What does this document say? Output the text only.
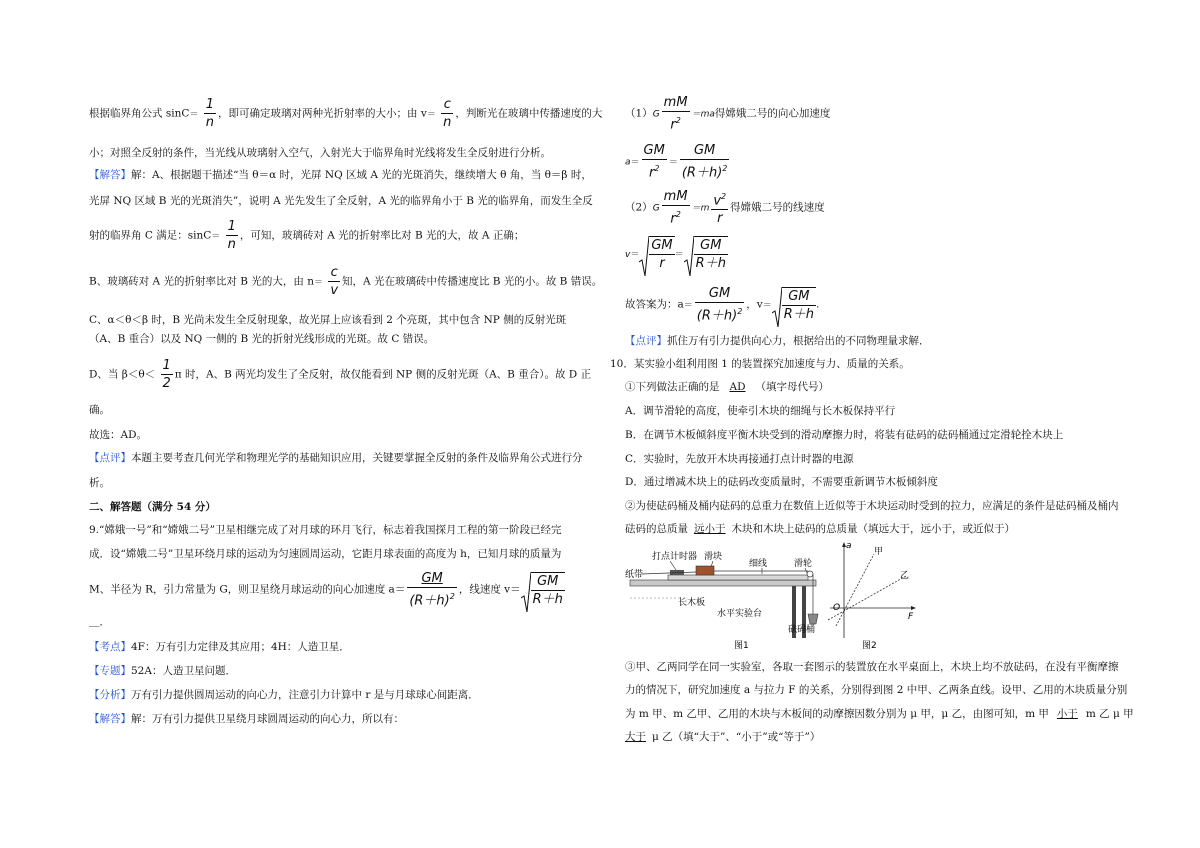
根据临界角公式 $\sin C= \frac{1}{n}$ ，即可确定玻璃对两种光折射率的大小；由 $v= \frac{c}{n}$ ，判断光在玻璃中传播速度的大
小；对照全反射的条件，当光线从玻璃射入空气，入射光大于临界角时光线将发生全反射进行分析。
【解答】解：A、根据题干描述“当 θ＝α 时，光屏 NQ 区域 A 光的光斑消失，继续增大 θ 角，当 θ＝β 时，
光屏 NQ 区域 B 光的光斑消失”，说明 A 光先发生了全反射，A 光的临界角小于 B 光的临界角，而发生全反
射的临界角 C 满足：$\sin C= \frac{1}{n}$ ，可知，玻璃砖对 A 光的折射率比对 B 光的大，故 A 正确；
B、玻璃砖对 A 光的折射率比对 B 光的大，由 $n= \frac{c}{v}$ 知，A 光在玻璃砖中传播速度比 B 光的小。故 B 错误。
C、α＜θ＜β 时，B 光尚未发生全反射现象，故光屏上应该看到 2 个亮斑，其中包含 NP 侧的反射光斑
（A、B 重合）以及 NQ 一侧的 B 光的折射光线形成的光斑。故 C 错误。
D、当 $\beta<\theta< \frac{1}{2}$ π 时，A、B 两光均发生了全反射，故仅能看到 NP 侧的反射光斑（A、B 重合）。故 D 正
确。
故选：AD。
【点评】本题主要考查几何光学和物理光学的基础知识应用，关键要掌握全反射的条件及临界角公式进行分
析。
二、解答题（满分 54 分）
9.“嫦娥一号”和“嫦娥二号”卫星相继完成了对月球的环月飞行，标志着我国探月工程的第一阶段已经完
成．设“嫦娥二号”卫星环绕月球的运动为匀速圆周运动，它距月球表面的高度为 h，已知月球的质量为
M、半径为 R，引力常量为 G，则卫星绕月球运动的向心加速度 $a= \frac{GM}{(R+h)^2}$ ，线速度 $v= \frac{GM}{R+h}$
＿．
【考点】4F：万有引力定律及其应用；4H：人造卫星．
【专题】52A：人造卫星问题．
【分析】万有引力提供圆周运动的向心力，注意引力计算中 r 是与月球球心间距离．
【解答】解：万有引力提供卫星绕月球圆周运动的向心力，所以有：
$(1)G \frac{mM}{r^2} =ma$得嫦娥二号的向心加速度
$a= \frac{GM}{r^2} = \frac{GM}{(R+h)^2}$
$(2)G \frac{mM}{r^2} =m \frac{v^2}{r}$ 得嫦娥二号的线速度
$v= \frac{GM}{r} = \frac{GM}{R+h}$
故答案为：$a= \frac{GM}{(R+h)^2}$ ，$v= \frac{GM}{R+h}$ .
【点评】抓住万有引力提供向心力，根据给出的不同物理量求解．
10．某实验小组利用图 1 的装置探究加速度与力、质量的关系。
①下列做法正确的是 AD （填字母代号）
A．调节滑轮的高度，使牵引木块的细绳与长木板保持平行
B．在调节木板倾斜度平衡木块受到的滑动摩擦力时，将装有砝码的砝码桶通过定滑轮拴木块上
C．实验时，先放开木块再接通打点计时器的电源
D．通过增减木块上的砝码改变质量时，不需要重新调节木板倾斜度
②为使砝码桶及桶内砝码的总重力在数值上近似等于木块运动时受到的拉力，应满足的条件是砝码桶及桶内
砝码的总质量 远小于 木块和木块上砝码的总质量（填远大于，远小于，或近似于）
打点计时器 滑块
细线	滑轮
纸带
长木板
水平实验台
砝码桶
图1
a
甲
乙
O
F
图2
③甲、乙两同学在同一实验室，各取一套图示的装置放在水平桌面上，木块上均不放砝码，在没有平衡摩擦
力的情况下，研究加速度 a 与拉力 F 的关系，分别得到图 2 中甲、乙两条直线。设甲、乙用的木块质量分别
为 m 甲、m 乙甲、乙用的木块与木板间的动摩擦因数分别为 μ 甲，μ 乙，由图可知，m 甲 小于 m 乙 μ 甲
大于 μ 乙（填“大于”、“小于”或“等于”）
